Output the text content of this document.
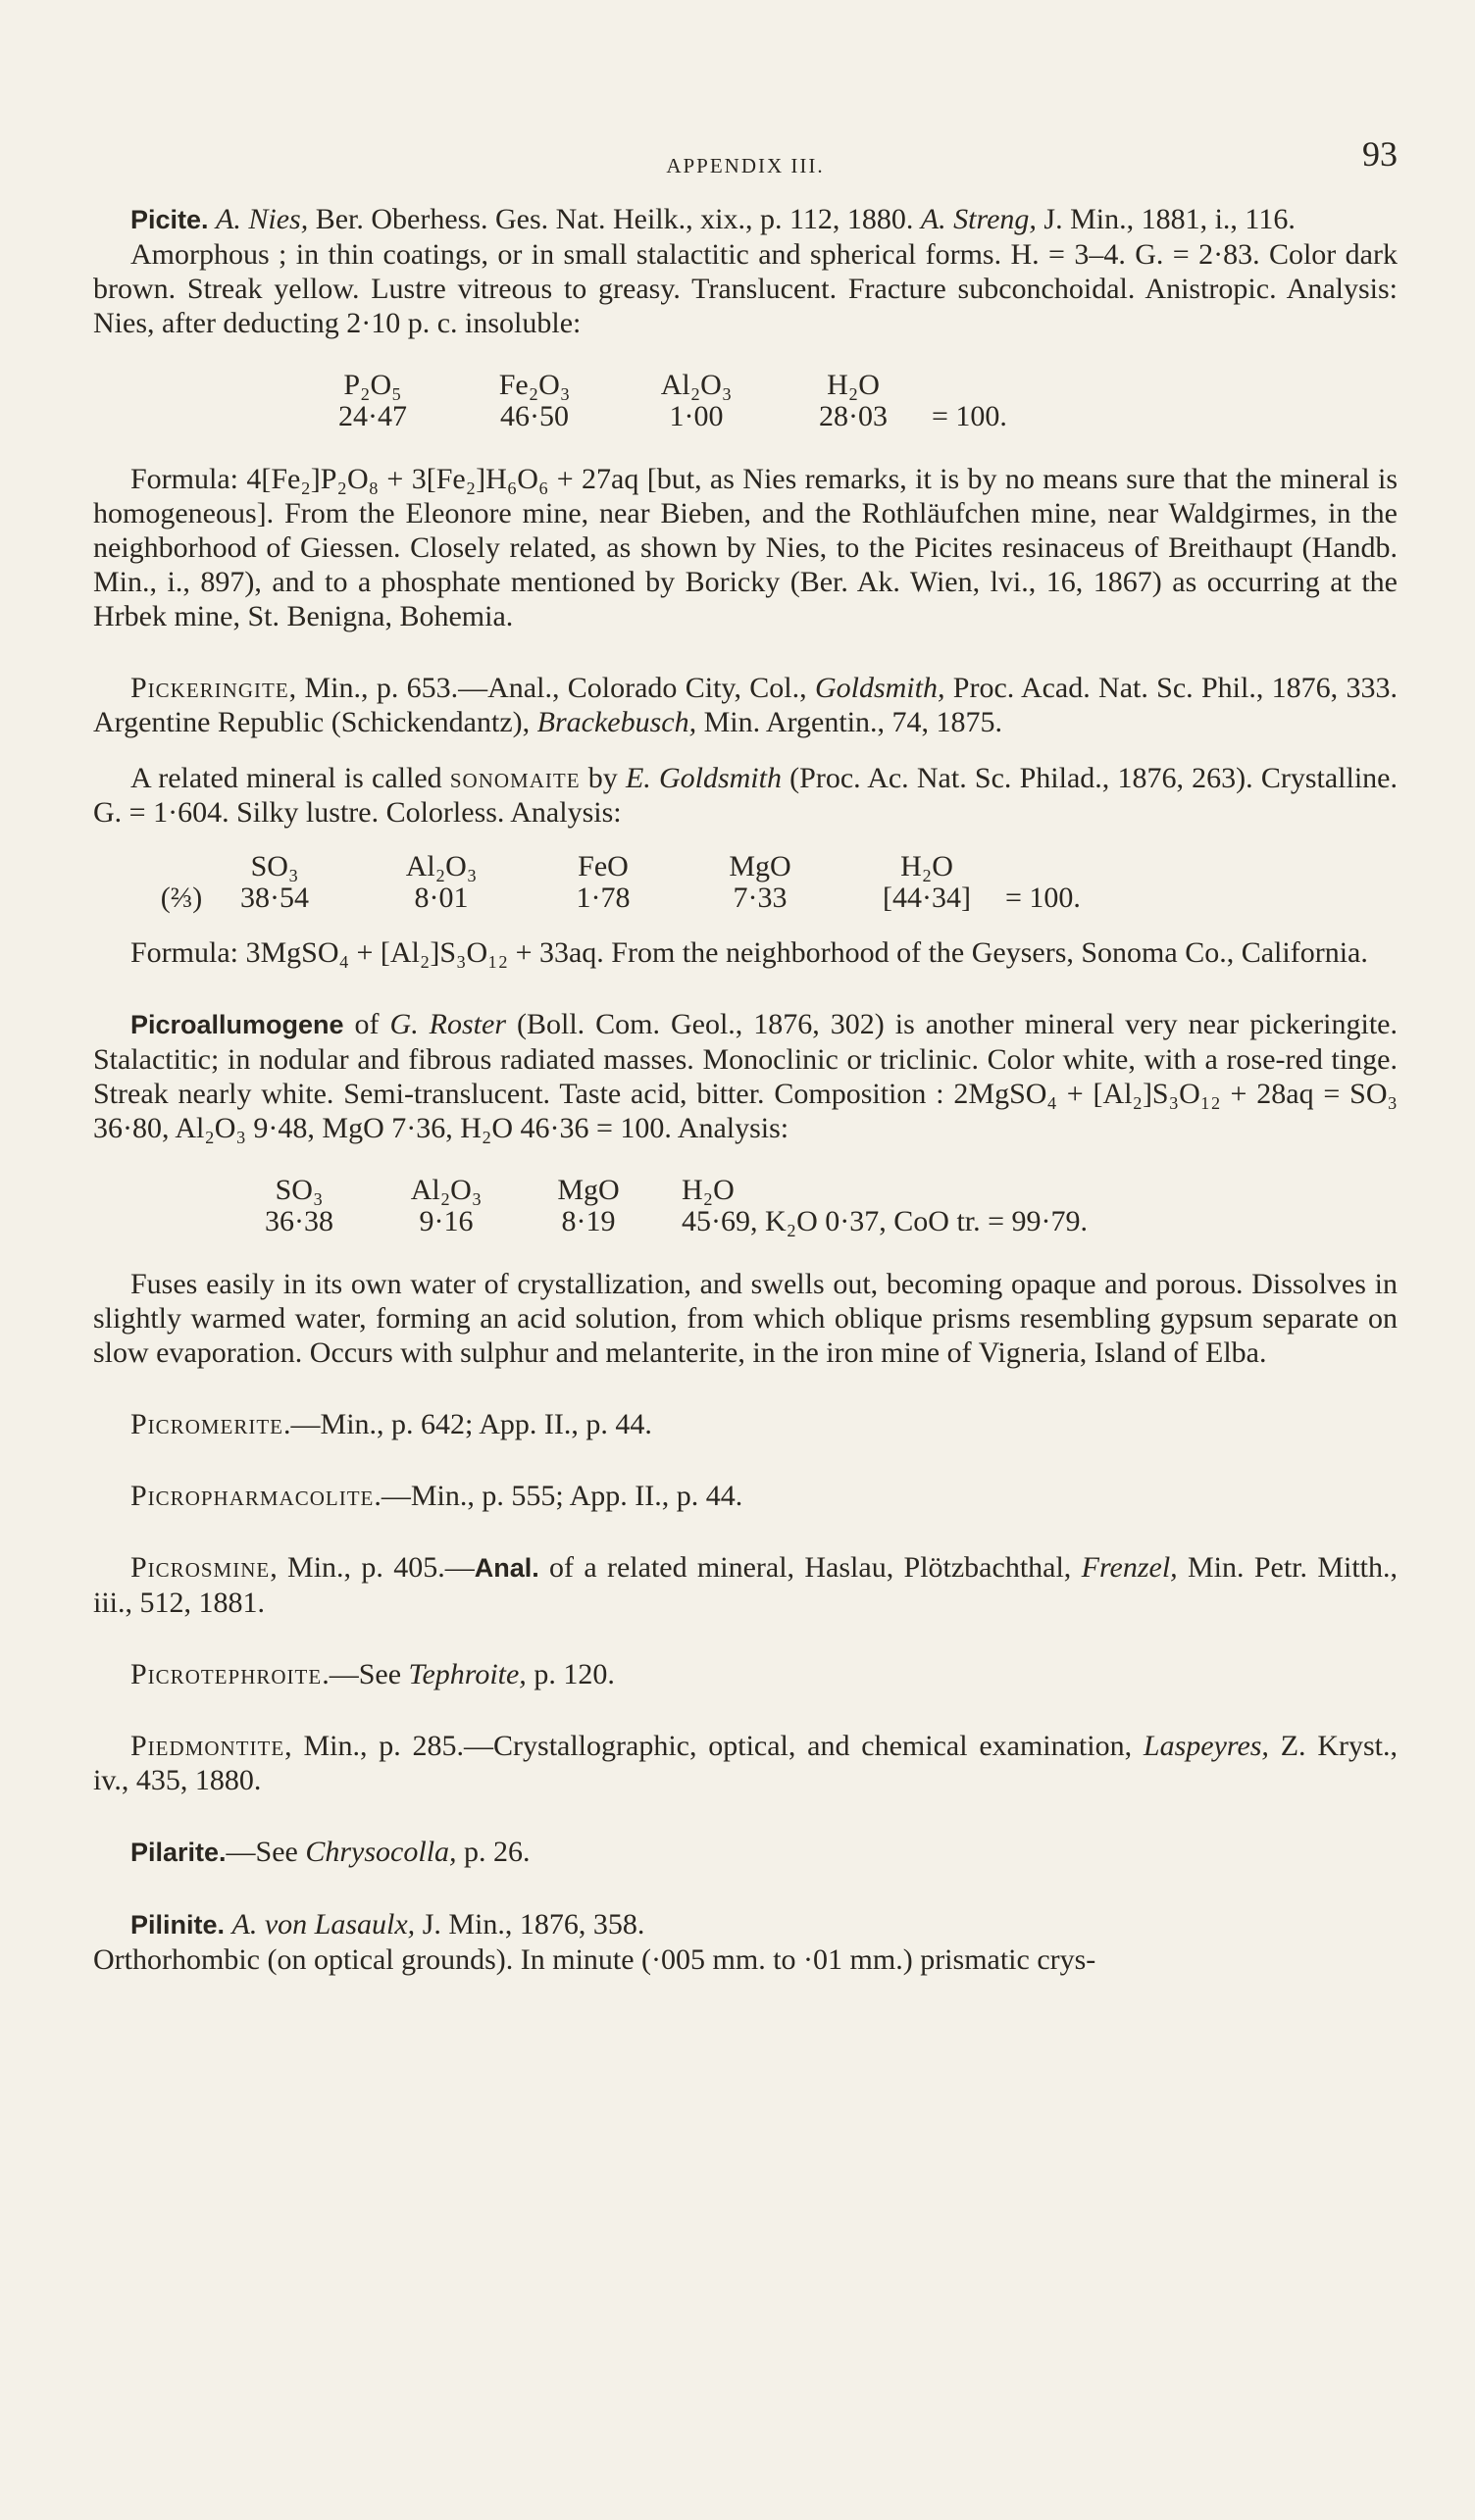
APPENDIX III.	93

Picite. A. Nies, Ber. Oberhess. Ges. Nat. Heilk., xix., p. 112, 1880. A. Streng, J. Min., 1881, i., 116.

Amorphous ; in thin coatings, or in small stalactitic and spherical forms. H. = 3–4. G. = 2·83. Color dark brown. Streak yellow. Lustre vitreous to greasy. Translucent. Fracture subconchoidal. Anistropic. Analysis: Nies, after deducting 2·10 p. c. insoluble:

P₂O₅		Fe₂O₃		Al₂O₃		H₂O	
24·47		46·50		1·00		28·03	= 100.

Formula: 4[Fe₂]P₂O₈ + 3[Fe₂]H₆O₆ + 27aq [but, as Nies remarks, it is by no means sure that the mineral is homogeneous]. From the Eleonore mine, near Bieben, and the Rothläufchen mine, near Waldgirmes, in the neighborhood of Giessen. Closely related, as shown by Nies, to the Picites resinaceus of Breithaupt (Handb. Min., i., 897), and to a phosphate mentioned by Boricky (Ber. Ak. Wien, lvi., 16, 1867) as occurring at the Hrbek mine, St. Benigna, Bohemia.

Pickeringite, Min., p. 653.—Anal., Colorado City, Col., Goldsmith, Proc. Acad. Nat. Sc. Phil., 1876, 333. Argentine Republic (Schickendantz), Brackebusch, Min. Argentin., 74, 1875.

A related mineral is called sonomaite by E. Goldsmith (Proc. Ac. Nat. Sc. Philad., 1876, 263). Crystalline. G. = 1·604. Silky lustre. Colorless. Analysis:

	SO₃		Al₂O₃		FeO		MgO		H₂O	
(⅔)	38·54		8·01		1·78		7·33		[44·34]	= 100.

Formula: 3MgSO₄ + [Al₂]S₃O₁₂ + 33aq. From the neighborhood of the Geysers, Sonoma Co., California.

Picroallumogene of G. Roster (Boll. Com. Geol., 1876, 302) is another mineral very near pickeringite. Stalactitic; in nodular and fibrous radiated masses. Monoclinic or triclinic. Color white, with a rose-red tinge. Streak nearly white. Semi-translucent. Taste acid, bitter. Composition : 2MgSO₄ + [Al₂]S₃O₁₂ + 28aq = SO₃ 36·80, Al₂O₃ 9·48, MgO 7·36, H₂O 46·36 = 100. Analysis:

SO₃		Al₂O₃		MgO		H₂O
36·38		9·16		8·19		45·69, K₂O 0·37, CoO tr. = 99·79.

Fuses easily in its own water of crystallization, and swells out, becoming opaque and porous. Dissolves in slightly warmed water, forming an acid solution, from which oblique prisms resembling gypsum separate on slow evaporation. Occurs with sulphur and melanterite, in the iron mine of Vigneria, Island of Elba.

Picromerite.—Min., p. 642; App. II., p. 44.

Picropharmacolite.—Min., p. 555; App. II., p. 44.

Picrosmine, Min., p. 405.—Anal. of a related mineral, Haslau, Plötzbachthal, Frenzel, Min. Petr. Mitth., iii., 512, 1881.

Picrotephroite.—See Tephroite, p. 120.

Piedmontite, Min., p. 285.—Crystallographic, optical, and chemical examination, Laspeyres, Z. Kryst., iv., 435, 1880.

Pilarite.—See Chrysocolla, p. 26.

Pilinite. A. von Lasaulx, J. Min., 1876, 358.

Orthorhombic (on optical grounds). In minute (·005 mm. to ·01 mm.) prismatic crys-
